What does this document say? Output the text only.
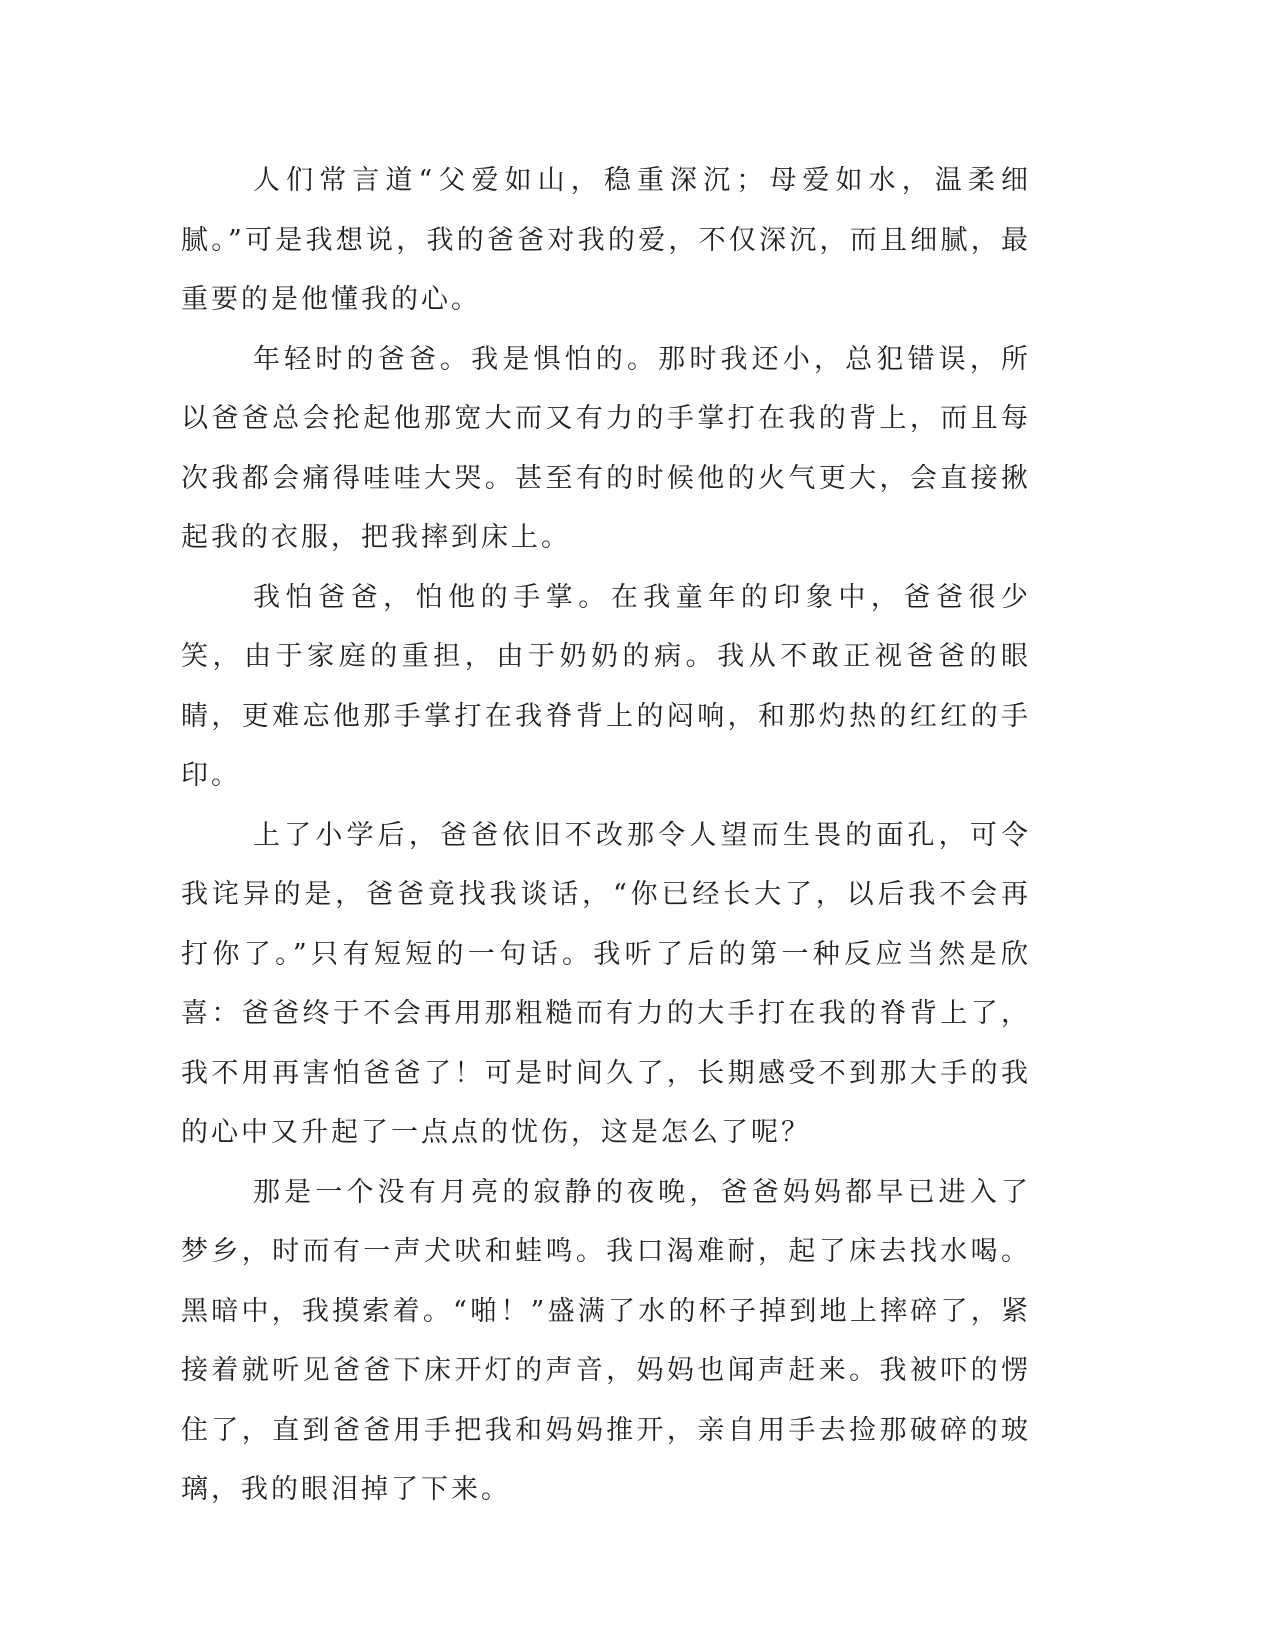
人们常言道“父爱如山，稳重深沉；母爱如水，温柔细腻。”可是我想说，我的爸爸对我的爱，不仅深沉，而且细腻，最重要的是他懂我的心。

年轻时的爸爸。我是惧怕的。那时我还小，总犯错误，所以爸爸总会抡起他那宽大而又有力的手掌打在我的背上，而且每次我都会痛得哇哇大哭。甚至有的时候他的火气更大，会直接揪起我的衣服，把我摔到床上。

我怕爸爸，怕他的手掌。在我童年的印象中，爸爸很少笑，由于家庭的重担，由于奶奶的病。我从不敢正视爸爸的眼睛，更难忘他那手掌打在我脊背上的闷响，和那灼热的红红的手印。

上了小学后，爸爸依旧不改那令人望而生畏的面孔，可令我诧异的是，爸爸竟找我谈话，“你已经长大了，以后我不会再打你了。”只有短短的一句话。我听了后的第一种反应当然是欣喜：爸爸终于不会再用那粗糙而有力的大手打在我的脊背上了，我不用再害怕爸爸了！可是时间久了，长期感受不到那大手的我的心中又升起了一点点的忧伤，这是怎么了呢？

那是一个没有月亮的寂静的夜晚，爸爸妈妈都早已进入了梦乡，时而有一声犬吠和蛙鸣。我口渴难耐，起了床去找水喝。黑暗中，我摸索着。“啪！”盛满了水的杯子掉到地上摔碎了，紧接着就听见爸爸下床开灯的声音，妈妈也闻声赶来。我被吓的愣住了，直到爸爸用手把我和妈妈推开，亲自用手去捡那破碎的玻璃，我的眼泪掉了下来。
